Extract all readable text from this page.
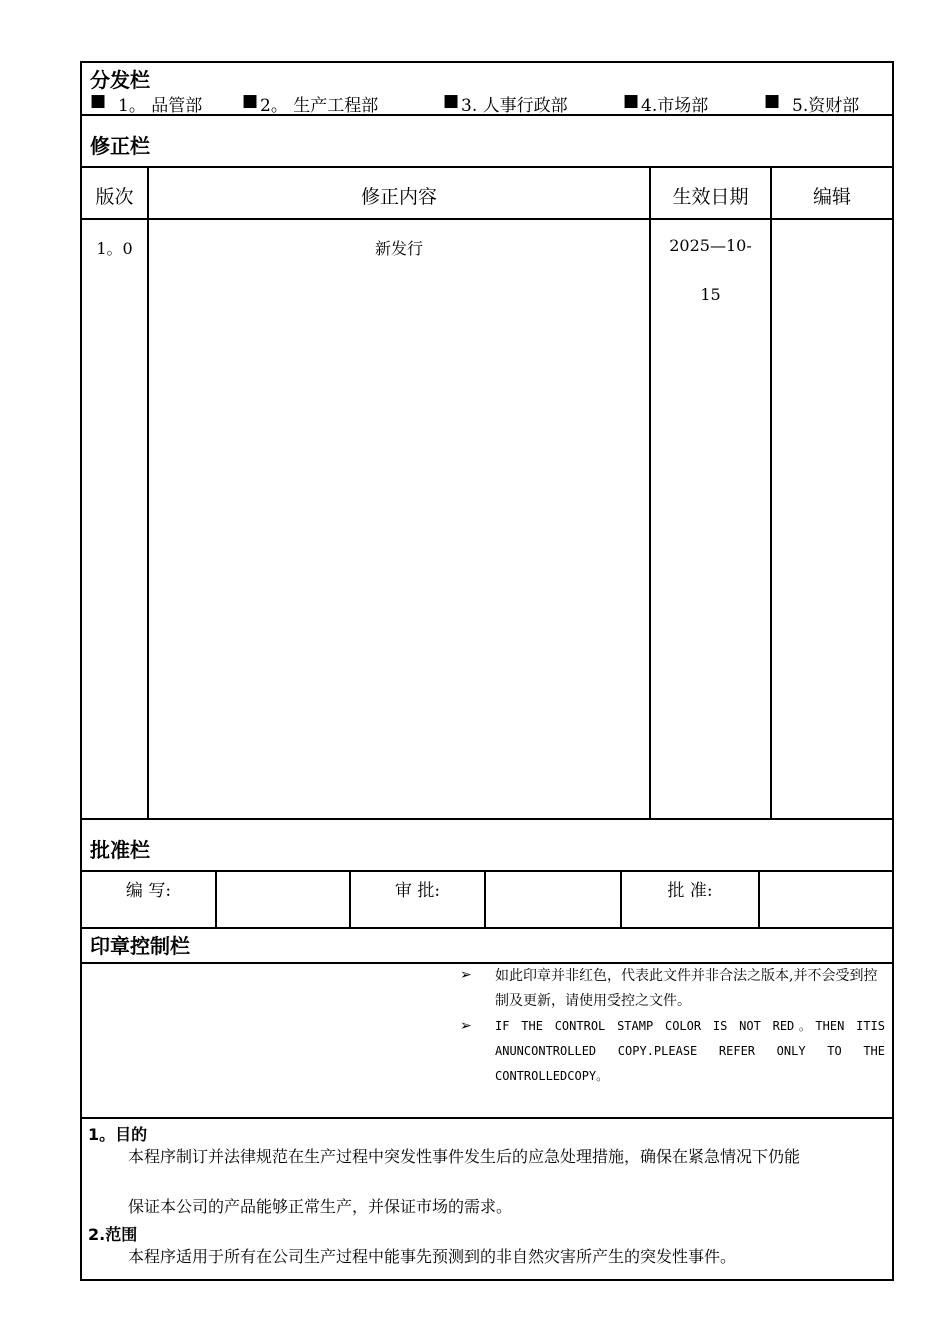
分发栏
■ 1。 品管部 ■ 2。 生产工程部	■ 3. 人事行政部	■ 4.市场部	■ 5.资财部
修正栏
版次	修正内容	生效日期	编辑
1。0	新发行	2025—10-
15
批准栏
编 写:	审 批:	批 准:
印章控制栏
➢ 如此印章并非红色，代表此文件并非合法之版本,并不会受到控制及更新，请使用受控之文件。
➢ IF THE CONTROL STAMP COLOR IS NOT RED。THEN ITIS ANUNCONTROLLED COPY.PLEASE REFER ONLY TO THE CONTROLLEDCOPY。
1。目的
本程序制订并法律规范在生产过程中突发性事件发生后的应急处理措施，确保在紧急情况下仍能
保证本公司的产品能够正常生产，并保证市场的需求。
2.范围
本程序适用于所有在公司生产过程中能事先预测到的非自然灾害所产生的突发性事件。
